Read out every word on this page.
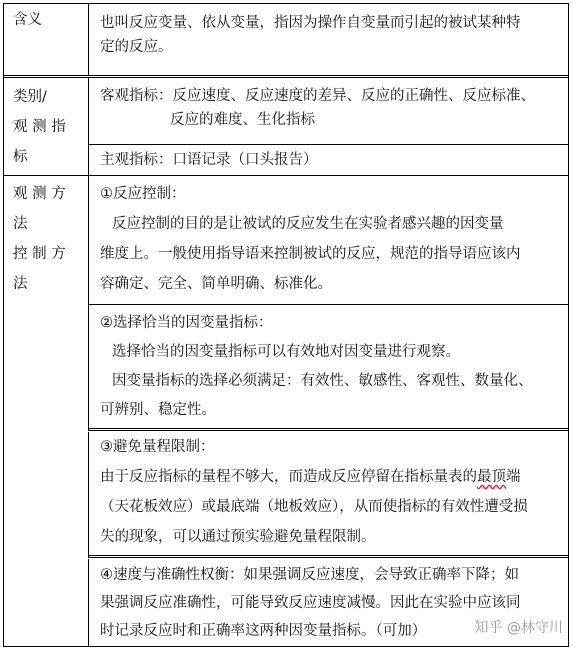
含义	也叫反应变量、依从变量，指因为操作自变量而引起的被试某种特
定的反应。
类别/
观 测 指
标
客观指标：反应速度、反应速度的差异、反应的正确性、反应标准、
反应的难度、生化指标
主观指标：口语记录（口头报告）
观 测 方
法
控 制 方
法
①反应控制：
反应控制的目的是让被试的反应发生在实验者感兴趣的因变量
维度上。一般使用指导语来控制被试的反应，规范的指导语应该内
容确定、完全、简单明确、标准化。
②选择恰当的因变量指标：
选择恰当的因变量指标可以有效地对因变量进行观察。
因变量指标的选择必须满足：有效性、敏感性、客观性、数量化、
可辨别、稳定性。
③避免量程限制：
由于反应指标的量程不够大，而造成反应停留在指标量表的最顶端
（天花板效应）或最底端（地板效应），从而使指标的有效性遭受损
失的现象，可以通过预实验避免量程限制。
④速度与准确性权衡：如果强调反应速度，会导致正确率下降；如
果强调反应准确性，可能导致反应速度减慢。因此在实验中应该同
时记录反应时和正确率这两种因变量指标。（可加）	知乎 @林守川
